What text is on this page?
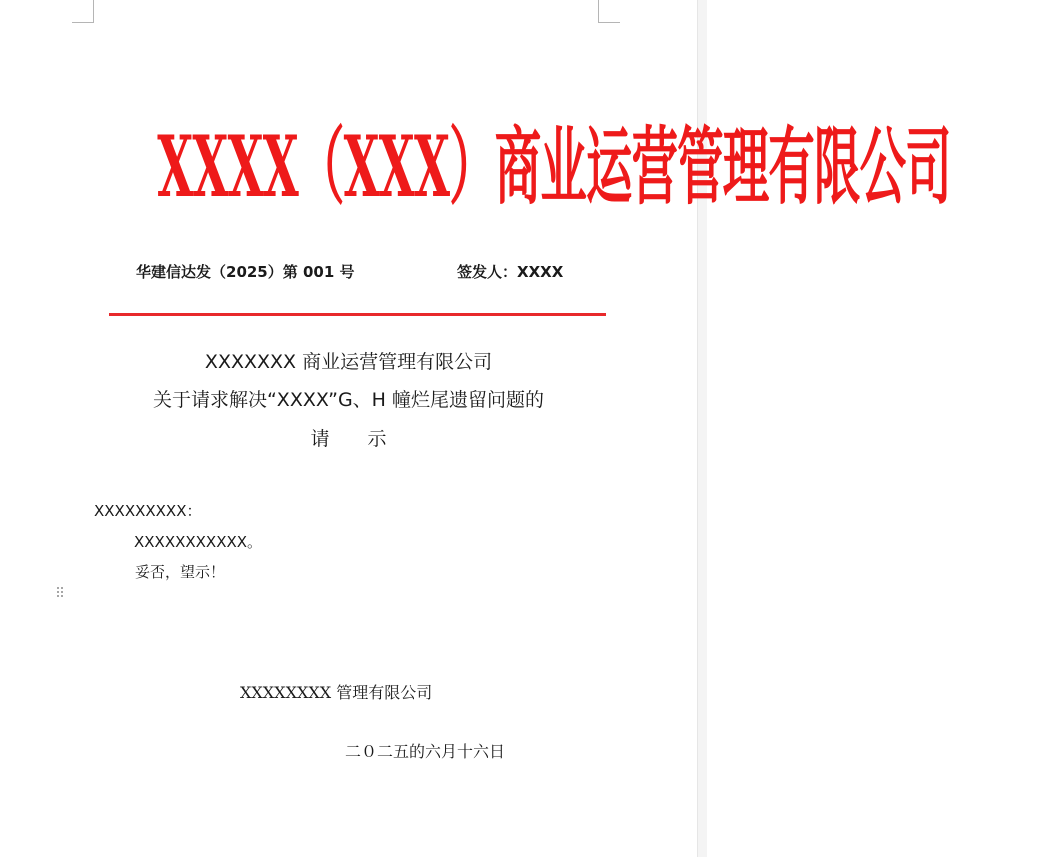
XXXX（XXX）商业运营管理有限公司
华建信达发（2025）第 001 号	签发人：XXXX
XXXXXXX 商业运营管理有限公司
关于请求解决“XXXX”G、H 幢烂尾遗留问题的
请　　示
XXXXXXXXX：
XXXXXXXXXXX。
妥否，望示！
XXXXXXXX 管理有限公司
二０二五的六月十六日
